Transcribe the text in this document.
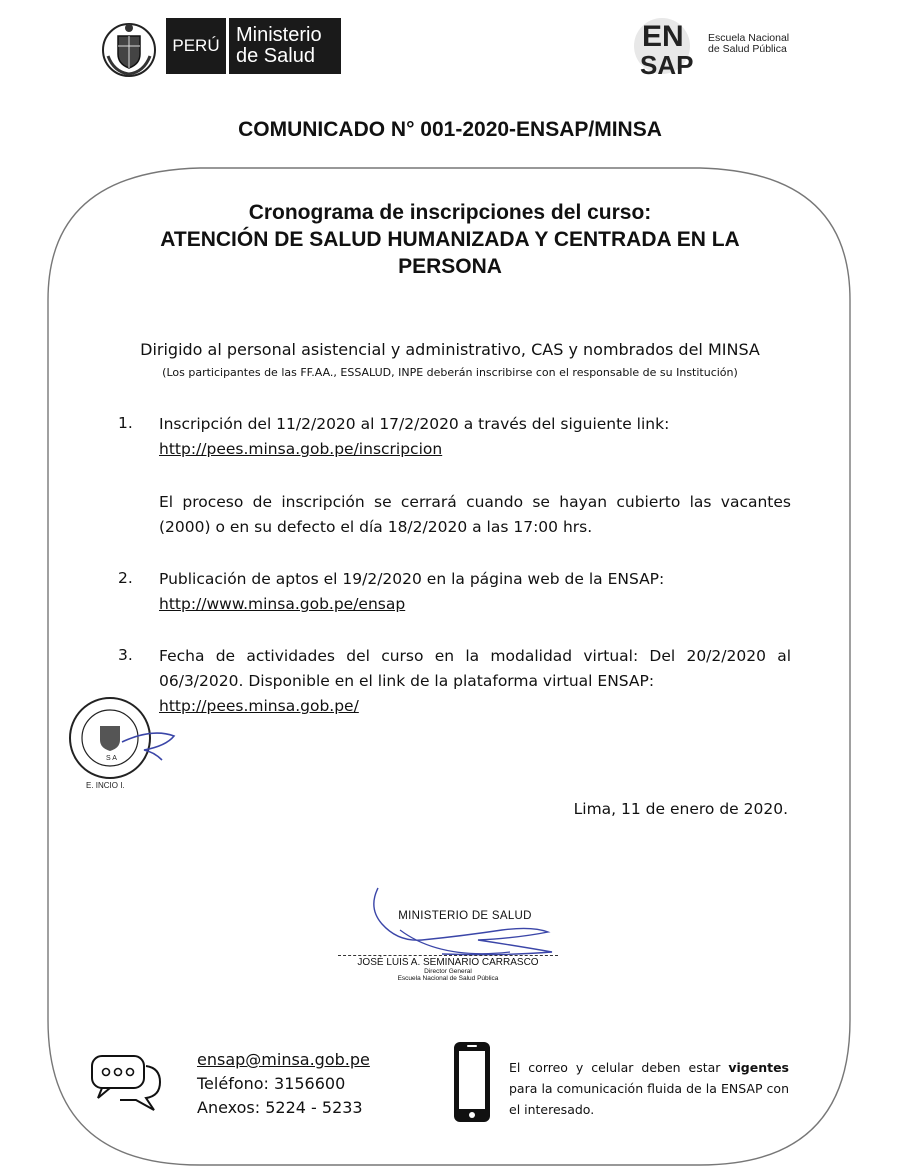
PERÚ Ministerio
de Salud
EN
SAP
Escuela Nacional
de Salud Pública
COMUNICADO N° 001-2020-ENSAP/MINSA
Cronograma de inscripciones del curso:
ATENCIÓN DE SALUD HUMANIZADA Y CENTRADA EN LA
PERSONA
Dirigido al personal asistencial y administrativo, CAS y nombrados del MINSA
(Los participantes de las FF.AA., ESSALUD, INPE deberán inscribirse con el responsable de su Institución)
1. Inscripción del 11/2/2020 al 17/2/2020 a través del siguiente link:
http://pees.minsa.gob.pe/inscripcion
El proceso de inscripción se cerrará cuando se hayan cubierto las vacantes (2000) o en su defecto el día 18/2/2020 a las 17:00 hrs.
2. Publicación de aptos el 19/2/2020 en la página web de la ENSAP:
http://www.minsa.gob.pe/ensap
3. Fecha de actividades del curso en la modalidad virtual: Del 20/2/2020 al 06/3/2020. Disponible en el link de la plataforma virtual ENSAP:
http://pees.minsa.gob.pe/
S A
E. INCIO I.
Lima, 11 de enero de 2020.
MINISTERIO DE SALUD
JOSÉ LUIS A. SEMINARIO CARRASCO
Director General
Escuela Nacional de Salud Pública
ensap@minsa.gob.pe
Teléfono: 3156600
Anexos: 5224 - 5233
El correo y celular deben estar vigentes para la comunicación fluida de la ENSAP con el interesado.
